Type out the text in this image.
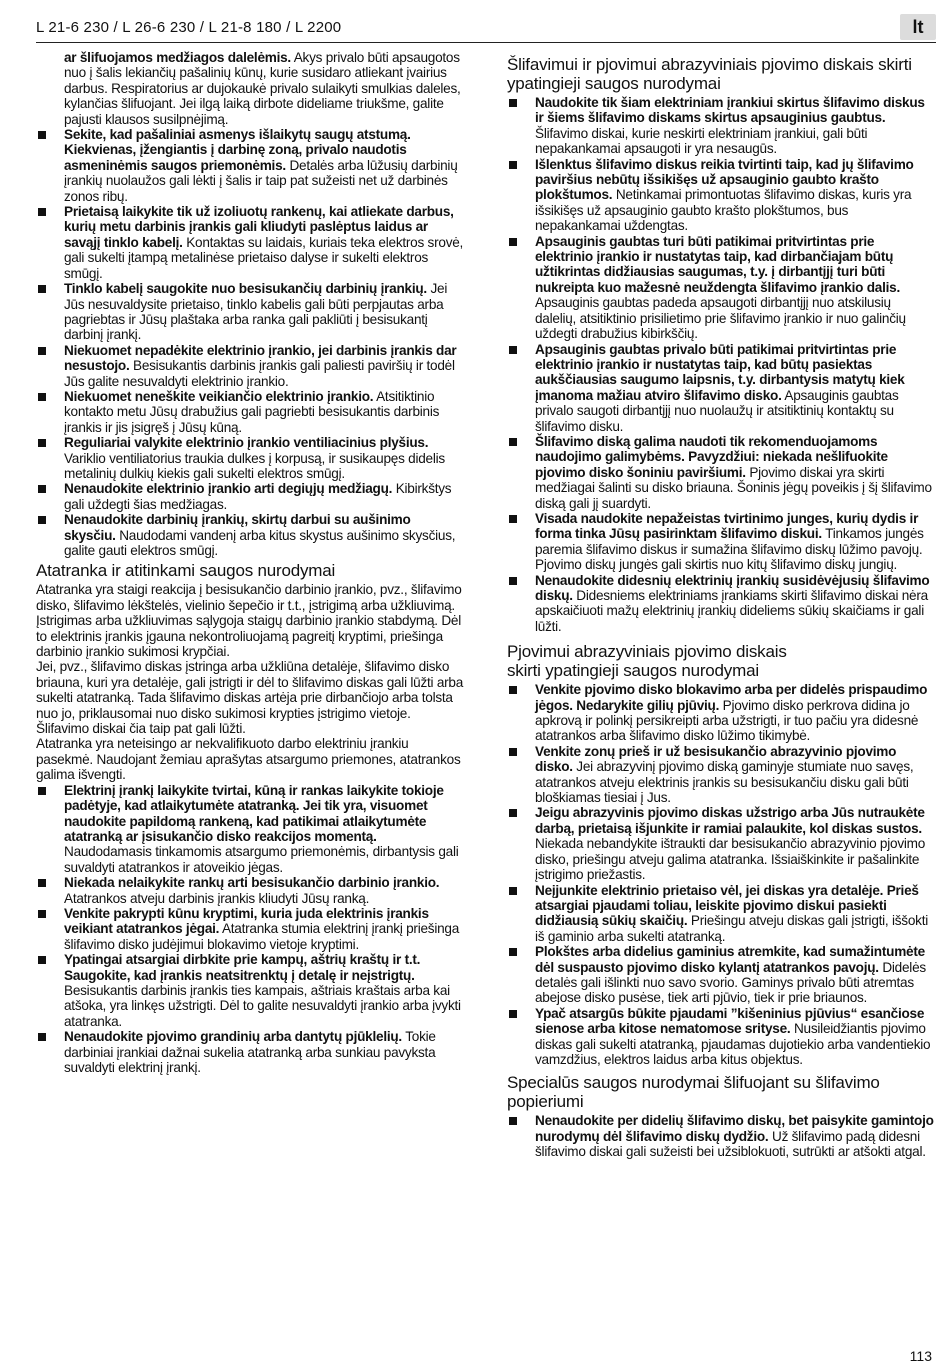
L 21-6 230 / L 26-6 230 / L 21-8 180 / L 2200	lt

ar šlifuojamos medžiagos dalelėmis. Akys privalo būti apsaugotos nuo į šalis lekiančių pašalinių kūnų, kurie susidaro atliekant įvairius darbus. Respiratorius ar dujokaukė privalo sulaikyti smulkias daleles, kylančias šlifuojant. Jei ilgą laiką dirbote dideliame triukšme, galite pajusti klausos susilpnėjimą.

Sekite, kad pašaliniai asmenys išlaikytų saugų atstumą. Kiekvienas, įžengiantis į darbinę zoną, privalo naudotis asmeninėmis saugos priemonėmis. Detalės arba lūžusių darbinių įrankių nuolaužos gali lėkti į šalis ir taip pat sužeisti net už darbinės zonos ribų.

Prietaisą laikykite tik už izoliuotų rankenų, kai atliekate darbus, kurių metu darbinis įrankis gali kliudyti paslėptus laidus ar savąjį tinklo kabelį. Kontaktas su laidais, kuriais teka elektros srovė, gali sukelti įtampą metalinėse prietaiso dalyse ir sukelti elektros smūgį.

Tinklo kabelį saugokite nuo besisukančių darbinių įrankių. Jei Jūs nesuvaldysite prietaiso, tinklo kabelis gali būti perpjautas arba pagriebtas ir Jūsų plaštaka arba ranka gali pakliūti į besisukantį darbinį įrankį.

Niekuomet nepadėkite elektrinio įrankio, jei darbinis įrankis dar nesustojo. Besisukantis darbinis įrankis gali paliesti paviršių ir todėl Jūs galite nesuvaldyti elektrinio įrankio.

Niekuomet neneškite veikiančio elektrinio įrankio. Atsitiktinio kontakto metu Jūsų drabužius gali pagriebti besisukantis darbinis įrankis ir jis įsigręš į Jūsų kūną.

Reguliariai valykite elektrinio įrankio ventiliacinius plyšius. Variklio ventiliatorius traukia dulkes į korpusą, ir susikaupęs didelis metalinių dulkių kiekis gali sukelti elektros smūgį.

Nenaudokite elektrinio įrankio arti degiųjų medžiagų. Kibirkštys gali uždegti šias medžiagas.

Nenaudokite darbinių įrankių, skirtų darbui su aušinimo skysčiu. Naudodami vandenį arba kitus skystus aušinimo skysčius, galite gauti elektros smūgį.

Atatranka ir atitinkami saugos nurodymai

Atatranka yra staigi reakcija į besisukančio darbinio įrankio, pvz., šlifavimo disko, šlifavimo lėkštelės, vielinio šepečio ir t.t., įstrigimą arba užkliuvimą. Įstrigimas arba užkliuvimas sąlygoja staigų darbinio įrankio stabdymą. Dėl to elektrinis įrankis įgauna nekontroliuojamą pagreitį kryptimi, priešinga darbinio įrankio sukimosi krypčiai.

Jei, pvz., šlifavimo diskas įstringa arba užkliūna detalėje, šlifavimo disko briauna, kuri yra detalėje, gali įstrigti ir dėl to šlifavimo diskas gali lūžti arba sukelti atatranką. Tada šlifavimo diskas artėja prie dirbančiojo arba tolsta nuo jo, priklausomai nuo disko sukimosi krypties įstrigimo vietoje. Šlifavimo diskai čia taip pat gali lūžti.

Atatranka yra neteisingo ar nekvalifikuoto darbo elektriniu įrankiu pasekmė. Naudojant žemiau aprašytas atsargumo priemones, atatrankos galima išvengti.

Elektrinį įrankį laikykite tvirtai, kūną ir rankas laikykite tokioje padėtyje, kad atlaikytumėte atatranką. Jei tik yra, visuomet naudokite papildomą rankeną, kad patikimai atlaikytumėte atatranką ar įsisukančio disko reakcijos momentą. Naudodamasis tinkamomis atsargumo priemonėmis, dirbantysis gali suvaldyti atatrankos ir atoveikio jėgas.

Niekada nelaikykite rankų arti besisukančio darbinio įrankio. Atatrankos atveju darbinis įrankis kliudyti Jūsų ranką.

Venkite pakrypti kūnu kryptimi, kuria juda elektrinis įrankis veikiant atatrankos jėgai. Atatranka stumia elektrinį įrankį priešinga šlifavimo disko judėjimui blokavimo vietoje kryptimi.

Ypatingai atsargiai dirbkite prie kampų, aštrių kraštų ir t.t. Saugokite, kad įrankis neatsitrenktų į detalę ir neįstrigtų. Besisukantis darbinis įrankis ties kampais, aštriais kraštais arba kai atšoka, yra linkęs užstrigti. Dėl to galite nesuvaldyti įrankio arba įvykti atatranka.

Nenaudokite pjovimo grandinių arba dantytų pjūklelių. Tokie darbiniai įrankiai dažnai sukelia atatranką arba sunkiau pavyksta suvaldyti elektrinį įrankį.

Šlifavimui ir pjovimui abrazyviniais pjovimo diskais skirti ypatingieji saugos nurodymai

Naudokite tik šiam elektriniam įrankiui skirtus šlifavimo diskus ir šiems šlifavimo diskams skirtus apsauginius gaubtus. Šlifavimo diskai, kurie neskirti elektriniam įrankiui, gali būti nepakankamai apsaugoti ir yra nesaugūs.

Išlenktus šlifavimo diskus reikia tvirtinti taip, kad jų šlifavimo paviršius nebūtų išsikišęs už apsauginio gaubto krašto plokštumos. Netinkamai primontuotas šlifavimo diskas, kuris yra išsikišęs už apsauginio gaubto krašto plokštumos, bus nepakankamai uždengtas.

Apsauginis gaubtas turi būti patikimai pritvirtintas prie elektrinio įrankio ir nustatytas taip, kad dirbančiajam būtų užtikrintas didžiausias saugumas, t.y. į dirbantįjį turi būti nukreipta kuo mažesnė neuždengta šlifavimo įrankio dalis. Apsauginis gaubtas padeda apsaugoti dirbantįjį nuo atskilusių dalelių, atsitiktinio prisilietimo prie šlifavimo įrankio ir nuo galinčių uždegti drabužius kibirkščių.

Apsauginis gaubtas privalo būti patikimai pritvirtintas prie elektrinio įrankio ir nustatytas taip, kad būtų pasiektas aukščiausias saugumo laipsnis, t.y. dirbantysis matytų kiek įmanoma mažiau atviro šlifavimo disko. Apsauginis gaubtas privalo saugoti dirbantįjį nuo nuolaužų ir atsitiktinių kontaktų su šlifavimo disku.

Šlifavimo diską galima naudoti tik rekomenduojamoms naudojimo galimybėms. Pavyzdžiui: niekada nešlifuokite pjovimo disko šoniniu paviršiumi. Pjovimo diskai yra skirti medžiagai šalinti su disko briauna. Šoninis jėgų poveikis į šį šlifavimo diską gali jį suardyti.

Visada naudokite nepažeistas tvirtinimo junges, kurių dydis ir forma tinka Jūsų pasirinktam šlifavimo diskui. Tinkamos jungės paremia šlifavimo diskus ir sumažina šlifavimo diskų lūžimo pavojų. Pjovimo diskų jungės gali skirtis nuo kitų šlifavimo diskų jungių.

Nenaudokite didesnių elektrinių įrankių susidėvėjusių šlifavimo diskų. Didesniems elektriniams įrankiams skirti šlifavimo diskai nėra apskaičiuoti mažų elektrinių įrankių dideliems sūkių skaičiams ir gali lūžti.

Pjovimui abrazyviniais pjovimo diskais
skirti ypatingieji saugos nurodymai

Venkite pjovimo disko blokavimo arba per didelės prispaudimo jėgos. Nedarykite gilių pjūvių. Pjovimo disko perkrova didina jo apkrovą ir polinkį persikreipti arba užstrigti, ir tuo pačiu yra didesnė atatrankos arba šlifavimo disko lūžimo tikimybė.

Venkite zonų prieš ir už besisukančio abrazyvinio pjovimo disko. Jei abrazyvinį pjovimo diską gaminyje stumiate nuo savęs, atatrankos atveju elektrinis įrankis su besisukančiu disku gali būti bloškiamas tiesiai į Jus.

Jeigu abrazyvinis pjovimo diskas užstrigo arba Jūs nutraukėte darbą, prietaisą išjunkite ir ramiai palaukite, kol diskas sustos. Niekada nebandykite ištraukti dar besisukančio abrazyvinio pjovimo disko, priešingu atveju galima atatranka. Išsiaiškinkite ir pašalinkite įstrigimo priežastis.

Neįjunkite elektrinio prietaiso vėl, jei diskas yra detalėje. Prieš atsargiai pjaudami toliau, leiskite pjovimo diskui pasiekti didžiausią sūkių skaičių. Priešingu atveju diskas gali įstrigti, iššokti iš gaminio arba sukelti atatranką.

Plokštes arba didelius gaminius atremkite, kad sumažintumėte dėl suspausto pjovimo disko kylantį atatrankos pavojų. Didelės detalės gali išlinkti nuo savo svorio. Gaminys privalo būti atremtas abejose disko pusėse, tiek arti pjūvio, tiek ir prie briaunos.

Ypač atsargūs būkite pjaudami ”kišeninius pjūvius“ esančiose sienose arba kitose nematomose srityse. Nusileidžiantis pjovimo diskas gali sukelti atatranką, pjaudamas dujotiekio arba vandentiekio vamzdžius, elektros laidus arba kitus objektus.

Specialūs saugos nurodymai šlifuojant su šlifavimo popieriumi

Nenaudokite per didelių šlifavimo diskų, bet paisykite gamintojo nurodymų dėl šlifavimo diskų dydžio. Už šlifavimo padą didesni šlifavimo diskai gali sužeisti bei užsiblokuoti, sutrūkti ar atšokti atgal.

113
